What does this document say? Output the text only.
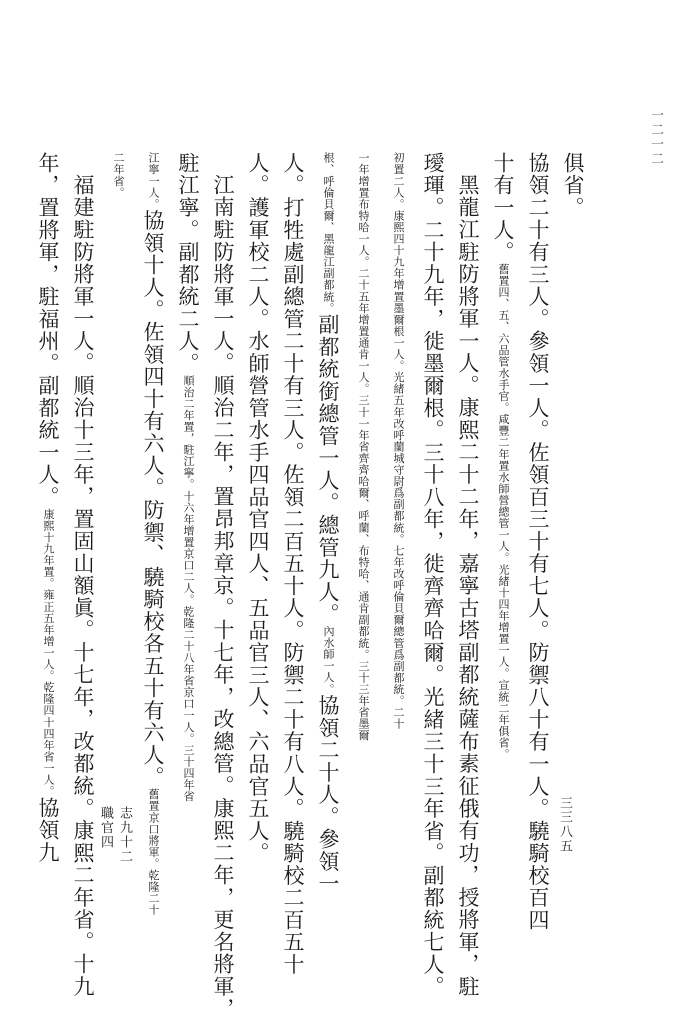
一二一二
俱省。
協領二十有三人。參領一人。佐領百三十有七人。防禦八十有一人。驍騎校百四
十有一人。舊置四、五、六品管水手官。咸豐二年置水師營總管一人。光緒十四年增置一人。宣統二年俱省。
黑龍江駐防將軍一人。康熙二十二年，嘉寧古塔副都統薩布素征俄有功，授將軍，駐
璦琿。二十九年，徙墨爾根。三十八年，徙齊齊哈爾。光緒三十三年省。副都統七人。
初置二人。康熙四十九年增置墨爾根一人。光緒五年改呼蘭城守尉爲副都統。七年改呼倫貝爾總管爲副都統。二十
一年增置布特哈一人。二十五年增置通肯一人。三十一年省齊齊哈爾、呼蘭、布特哈、通肯副都統。三十三年省墨爾
根、呼倫貝爾、黑龍江副都統。副都統銜總管一人。總管九人。內水師一人。協領二十人。參領一
人。打牲處副總管二十有三人。佐領二百五十人。防禦二十有八人。驍騎校二百五十
人。護軍校二人。水師營管水手四品官四人、五品官三人、六品官五人。
江南駐防將軍一人。順治二年，置昂邦章京。十七年，改總管。康熙二年，更名將軍，
駐江寧。副都統二人。順治二年置，駐江寧。十六年增置京口二人。乾隆二十八年省京口一人。三十四年省
江寧一人。協領十人。佐領四十有六人。防禦、驍騎校各五十有六人。舊置京口將軍。乾隆二十
二年省。
福建駐防將軍一人。順治十三年，置固山額眞。十七年，改都統。康熙二年省。十九
年，置將軍，駐福州。副都統一人。康熙十九年置。雍正五年增一人。乾隆四十四年省一人。協領九	志九十二　職官四	三三八五
